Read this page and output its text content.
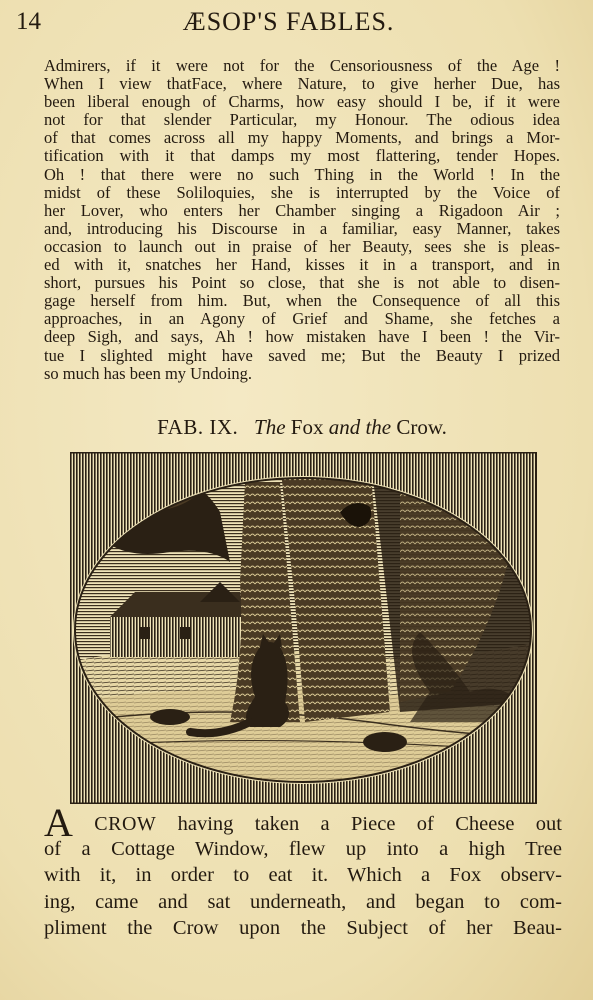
14	ÆSOP'S FABLES.
Admirers, if it were not for the Censoriousness of the Age !
When I view thatFace, where Nature, to give herher Due, has
been liberal enough of Charms, how easy should I be, if it were
not for that slender Particular, my Honour. The odious idea
of that comes across all my happy Moments, and brings a Mor-
tification with it that damps my most flattering, tender Hopes.
Oh ! that there were no such Thing in the World ! In the
midst of these Soliloquies, she is interrupted by the Voice of
her Lover, who enters her Chamber singing a Rigadoon Air ;
and, introducing his Discourse in a familiar, easy Manner, takes
occasion to launch out in praise of her Beauty, sees she is pleas-
ed with it, snatches her Hand, kisses it in a transport, and in
short, pursues his Point so close, that she is not able to disen-
gage herself from him. But, when the Consequence of all this
approaches, in an Agony of Grief and Shame, she fetches a
deep Sigh, and says, Ah ! how mistaken have I been ! the Vir-
tue I slighted might have saved me; But the Beauty I prized
so much has been my Undoing.
FAB. IX. The Fox and the Crow.
A CROW having taken a Piece of Cheese out
of a Cottage Window, flew up into a high Tree
with it, in order to eat it. Which a Fox observ-
ing, came and sat underneath, and began to com-
pliment the Crow upon the Subject of her Beau-
